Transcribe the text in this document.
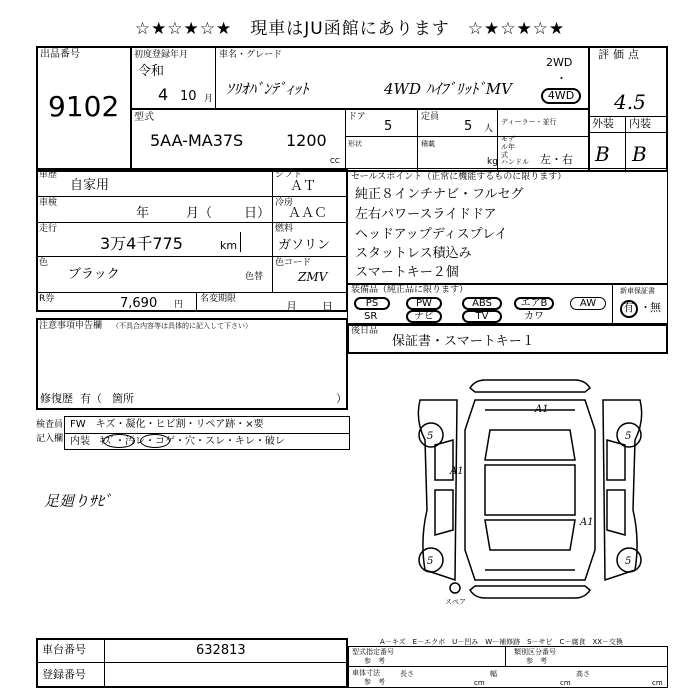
☆★☆★☆★　現車はJU函館にあります　☆★☆★☆★
出品番号
9102
初度登録年月
令和
4 10 月
車名・グレード
ｿﾘｵﾊﾞﾝﾃﾞｨｯﾄ	4WD ﾊｲﾌﾞﾘｯﾄﾞMV
2WD
・
4WD
評価点
4.5
外装 内装
B B
型式
5AA-MA37S	1200
CC
ドア
5
定員
5 人
ディーラー・並行
モデル年式
形状	積載
kg ハンドル 左・右
車歴
自家用
シフト
ＡＴ
車検
年	月（ 日）
冷房
ＡＡＣ
走行
3万4千775	km
燃料
ガソリン
色
ブラック	色替
色コード
ZMV
R券	7,690 円
名変期限
月 日
注意事項申告欄 （不具合内容等は具体的に記入して下さい）
修復歴 有（ 箇所	）
検査員
記入欄
FW　キズ・凝化・ヒビ割・リペア跡・×要
内装　ｷｽﾞ・汚レ・コゲ・穴・スレ・キレ・破レ
足廻りｻﾋﾞ
セールスポイント（正常に機能するものに限ります）
純正８インチナビ・フルセグ
左右パワースライドドア
ヘッドアップディスプレイ
スタットレス積込み
スマートキー２個
装備品（純正品に限ります）
PS	PW	ABS	エアB	AW
SR	ナビ	TV	カワ
新車保証書
有 ・ 無
後日品
保証書・スマートキー１
5	5
5	5
A1
A1
A1
スペア
A－キズ　E－エクボ　U－凹み　W－補修跡　S－サビ　C－腐食　XX－交換
車台番号	632813
登録番号
型式指定番号
参　考
類別区分番号
参　考
車体寸法
参　考
長さ
cm
幅
cm
高さ
cm
